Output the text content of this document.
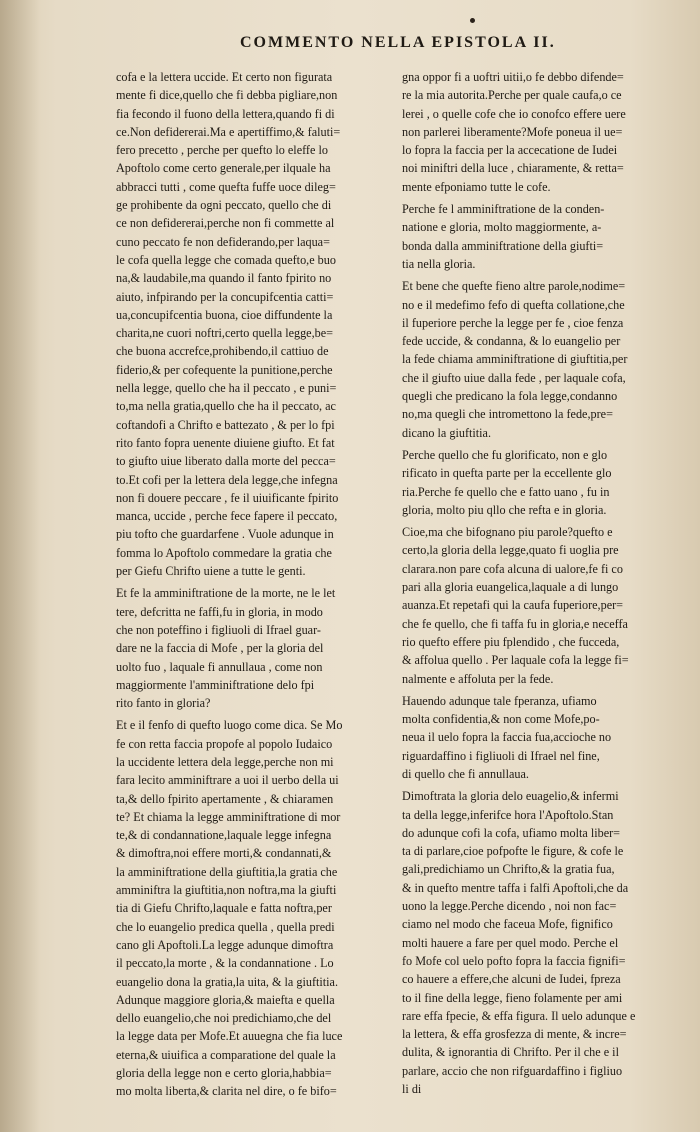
COMMENTO NELLA EPISTOLA II.
cofa e la lettera uccide. Et certo non figurata
mente fi dice,quello che fi debba pigliare,non
fia fecondo il fuono della lettera,quando fi di
ce.Non defidererai.Ma e apertiffimo,& faluti=
fero precetto , perche per quefto lo eleffe lo
Apoftolo come certo generale,per ilquale ha
abbracci tutti , come quefta fuffe uoce dileg=
ge prohibente da ogni peccato, quello che di
ce non defidererai,perche non fi commette al
cuno peccato fe non defiderando,per laqua=
le cofa quella legge che comada quefto,e buo
na,& laudabile,ma quando il fanto fpirito no
aiuto, infpirando per la concupifcentia catti=
ua,concupifcentia buona, cioe diffundente la
charita,ne cuori noftri,certo quella legge,be=
che buona accrefce,prohibendo,il cattiuo de
fiderio,& per cofequente la punitione,perche
nella legge, quello che ha il peccato , e puni=
to,ma nella gratia,quello che ha il peccato, ac
coftandofi a Chrifto e battezato , & per lo fpi
rito fanto fopra uenente diuiene giufto. Et fat
to giufto uiue liberato dalla morte del pecca=
to.Et cofi per la lettera dela legge,che infegna
non fi douere peccare , fe il uiuificante fpirito
manca, uccide , perche fece fapere il peccato,
piu tofto che guardarfene . Vuole adunque in
fomma lo Apoftolo commedare la gratia che
per Giefu Chrifto uiene a tutte le genti.
Et fe la amminiftratione de la morte, ne le let
tere, defcritta ne faffi,fu in gloria, in modo
che non poteffino i figliuoli di Ifrael guar-
dare ne la faccia di Mofe , per la gloria del
uolto fuo , laquale fi annullaua , come non
maggiormente l'amminiftratione delo fpi
rito fanto in gloria?
Et e il fenfo di quefto luogo come dica. Se Mo
fe con retta faccia propofe al popolo Iudaico
la uccidente lettera dela legge,perche non mi
fara lecito amminiftrare a uoi il uerbo della ui
ta,& dello fpirito apertamente , & chiaramen
te? Et chiama la legge amminiftratione di mor
te,& di condannatione,laquale legge infegna
& dimoftra,noi effere morti,& condannati,&
la amminiftratione della giuftitia,la gratia che
amminiftra la giuftitia,non noftra,ma la giufti
tia di Giefu Chrifto,laquale e fatta noftra,per
che lo euangelio predica quella , quella predi
cano gli Apoftoli.La legge adunque dimoftra
il peccato,la morte , & la condannatione . Lo
euangelio dona la gratia,la uita, & la giuftitia.
Adunque maggiore gloria,& maiefta e quella
dello euangelio,che noi predichiamo,che del
la legge data per Mofe.Et auuegna che fia luce
eterna,& uiuifica a comparatione del quale la
gloria della legge non e certo gloria,habbia=
mo molta liberta,& clarita nel dire, o fe bifo=
gna oppor fi a uoftri uitii,o fe debbo difende=
re la mia autorita.Perche per quale caufa,o ce
lerei , o quelle cofe che io conofco effere uere
non parlerei liberamente?Mofe poneua il ue=
lo fopra la faccia per la accecatione de Iudei
noi miniftri della luce , chiaramente, & retta=
mente efponiamo tutte le cofe.
Perche fe l amminiftratione de la conden-
natione e gloria, molto maggiormente, a-
bonda dalla amminiftratione della giufti=
tia nella gloria.
Et bene che quefte fieno altre parole,nodime=
no e il medefimo fefo di quefta collatione,che
il fuperiore perche la legge per fe , cioe fenza
fede uccide, & condanna, & lo euangelio per
la fede chiama amminiftratione di giuftitia,per
che il giufto uiue dalla fede , per laquale cofa,
quegli che predicano la fola legge,condanno
no,ma quegli che intromettono la fede,pre=
dicano la giuftitia.
Perche quello che fu glorificato, non e glo
rificato in quefta parte per la eccellente glo
ria.Perche fe quello che e fatto uano , fu in
gloria, molto piu qllo che refta e in gloria.
Cioe,ma che bifognano piu parole?quefto e
certo,la gloria della legge,quato fi uoglia pre
clarara.non pare cofa alcuna di ualore,fe fi co
pari alla gloria euangelica,laquale a di lungo
auanza.Et repetafi qui la caufa fuperiore,per=
che fe quello, che fi taffa fu in gloria,e neceffa
rio quefto effere piu fplendido , che fucceda,
& affolua quello . Per laquale cofa la legge fi=
nalmente e affoluta per la fede.
Hauendo adunque tale fperanza, ufiamo
molta confidentia,& non come Mofe,po-
neua il uelo fopra la faccia fua,accioche no
riguardaffino i figliuoli di Ifrael nel fine,
di quello che fi annullaua.
Dimoftrata la gloria delo euagelio,& infermi
ta della legge,inferifce hora l'Apoftolo.Stan
do adunque cofi la cofa, ufiamo molta liber=
ta di parlare,cioe pofpofte le figure, & cofe le
gali,predichiamo un Chrifto,& la gratia fua,
& in quefto mentre taffa i falfi Apoftoli,che da
uono la legge.Perche dicendo , noi non fac=
ciamo nel modo che faceua Mofe, fignifico
molti hauere a fare per quel modo. Perche el
fo Mofe col uelo pofto fopra la faccia fignifi=
co hauere a effere,che alcuni de Iudei, fpreza
to il fine della legge, fieno folamente per ami
rare effa fpecie, & effa figura. Il uelo adunque e
la lettera, & effa grosfezza di mente, & incre=
dulita, & ignorantia di Chrifto. Per il che e il
parlare, accio che non rifguardaffino i figliuo
li di
